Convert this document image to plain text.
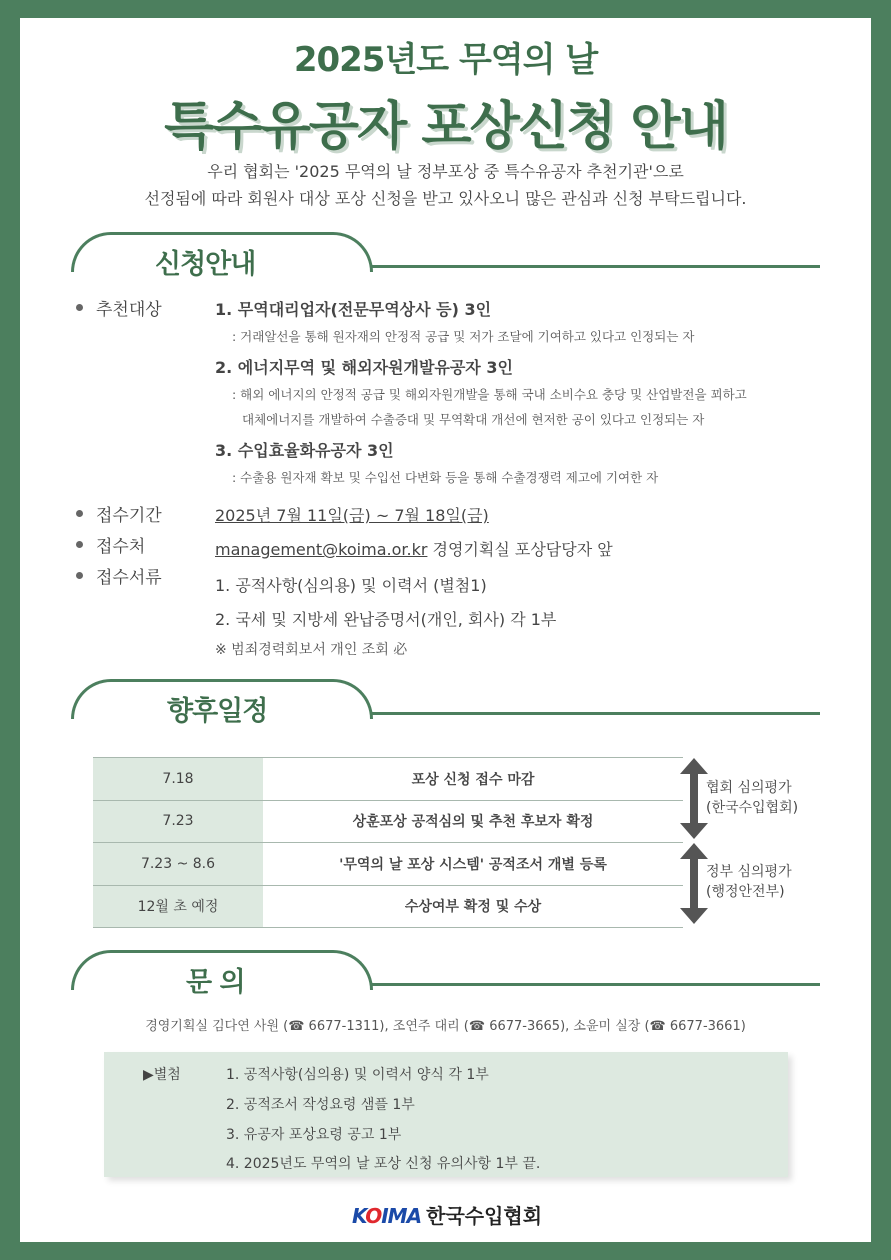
2025년도 무역의 날
특수유공자 포상신청 안내
우리 협회는 '2025 무역의 날 정부포상 중 특수유공자 추천기관'으로
선정됨에 따라 회원사 대상 포상 신청을 받고 있사오니 많은 관심과 신청 부탁드립니다.
신청안내
추천대상	1. 무역대리업자(전문무역상사 등) 3인
: 거래알선을 통해 원자재의 안정적 공급 및 저가 조달에 기여하고 있다고 인정되는 자
2. 에너지무역 및 해외자원개발유공자 3인
: 해외 에너지의 안정적 공급 및 해외자원개발을 통해 국내 소비수요 충당 및 산업발전을 꾀하고
대체에너지를 개발하여 수출증대 및 무역확대 개선에 현저한 공이 있다고 인정되는 자
3. 수입효율화유공자 3인
: 수출용 원자재 확보 및 수입선 다변화 등을 통해 수출경쟁력 제고에 기여한 자
접수기간	2025년 7월 11일(금) ~ 7월 18일(금)
접수처	management@koima.or.kr 경영기획실 포상담당자 앞
접수서류	1. 공적사항(심의용) 및 이력서 (별첨1)
2. 국세 및 지방세 완납증명서(개인, 회사) 각 1부
※ 범죄경력회보서 개인 조회 必
향후일정
7.18	포상 신청 접수 마감
7.23	상훈포상 공적심의 및 추천 후보자 확정
7.23 ~ 8.6	'무역의 날 포상 시스템' 공적조서 개별 등록
12월 초 예정	수상여부 확정 및 수상
협회 심의평가
(한국수입협회)
정부 심의평가
(행정안전부)
문 의
경영기획실 김다연 사원 (☎ 6677-1311), 조연주 대리 (☎ 6677-3665), 소윤미 실장 (☎ 6677-3661)
▶별첨	1. 공적사항(심의용) 및 이력서 양식 각 1부
2. 공적조서 작성요령 샘플 1부
3. 유공자 포상요령 공고 1부
4. 2025년도 무역의 날 포상 신청 유의사항 1부 끝.
KOIMA 한국수입협회
